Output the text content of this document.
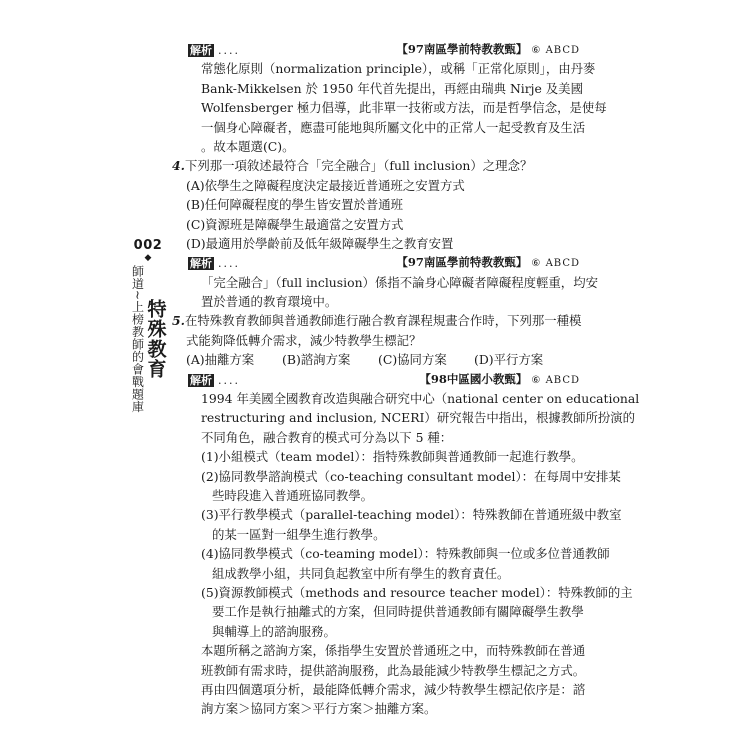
002
◆
特殊教育
師道~上榜教師的會戰題庫
解析 ....	【97南區學前特教教甄】 ⑥ ABCD
常態化原則（normalization principle），或稱「正常化原則」，由丹麥
Bank-Mikkelsen 於 1950 年代首先提出，再經由瑞典 Nirje 及美國
Wolfensberger 極力倡導，此非單一技術或方法，而是哲學信念，是使每
一個身心障礙者，應盡可能地與所屬文化中的正常人一起受教育及生活
。故本題選(C)。
4.下列那一項敘述最符合「完全融合」（full inclusion）之理念？
(A)依學生之障礙程度決定最接近普通班之安置方式
(B)任何障礙程度的學生皆安置於普通班
(C)資源班是障礙學生最適當之安置方式
(D)最適用於學齡前及低年級障礙學生之教育安置
解析 ....	【97南區學前特教教甄】 ⑥ ABCD
「完全融合」（full inclusion）係指不論身心障礙者障礙程度輕重，均安
置於普通的教育環境中。
5.在特殊教育教師與普通教師進行融合教育課程規畫合作時，下列那一種模
式能夠降低轉介需求，減少特教學生標記？
(A)抽離方案	(B)諮詢方案	(C)協同方案	(D)平行方案
解析 ....	【98中區國小教甄】 ⑥ ABCD
1994 年美國全國教育改造與融合研究中心（national center on educational
restructuring and inclusion, NCERI）研究報告中指出，根據教師所扮演的
不同角色，融合教育的模式可分為以下 5 種：
(1)小組模式（team model）：指特殊教師與普通教師一起進行教學。
(2)協同教學諮詢模式（co-teaching consultant model）：在每周中安排某
些時段進入普通班協同教學。
(3)平行教學模式（parallel-teaching model）：特殊教師在普通班級中教室
的某一區對一組學生進行教學。
(4)協同教學模式（co-teaming model）：特殊教師與一位或多位普通教師
組成教學小組，共同負起教室中所有學生的教育責任。
(5)資源教師模式（methods and resource teacher model）：特殊教師的主
要工作是執行抽離式的方案，但同時提供普通教師有關障礙學生教學
與輔導上的諮詢服務。
本題所稱之諮詢方案，係指學生安置於普通班之中，而特殊教師在普通
班教師有需求時，提供諮詢服務，此為最能減少特教學生標記之方式。
再由四個選項分析，最能降低轉介需求，減少特教學生標記依序是：諮
詢方案＞協同方案＞平行方案＞抽離方案。
